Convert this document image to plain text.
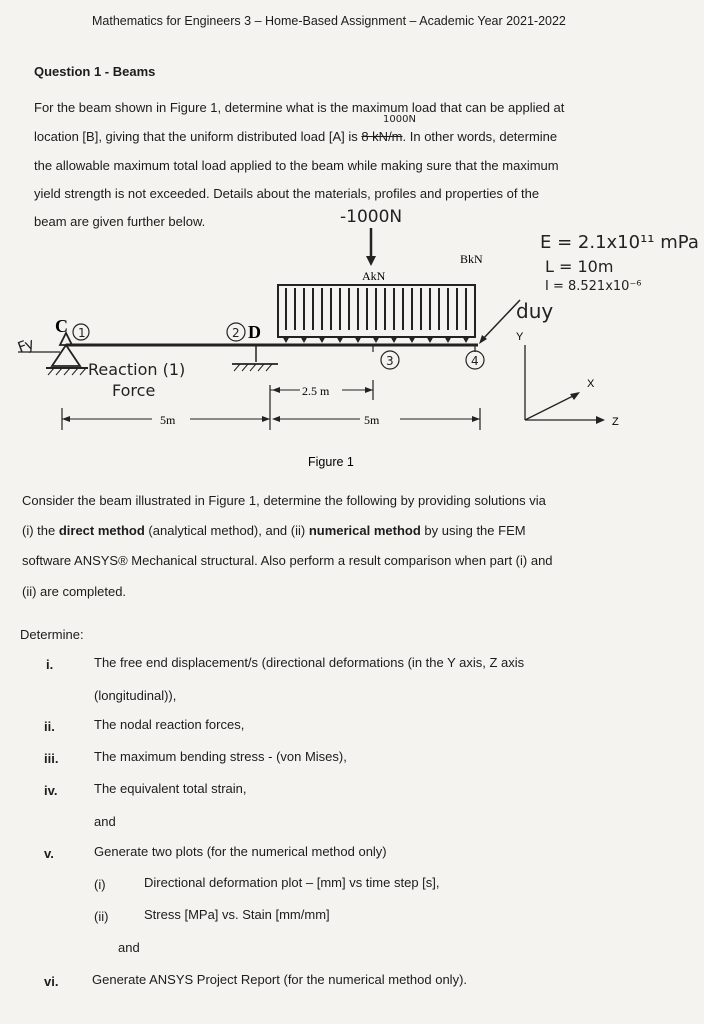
Mathematics for Engineers 3 – Home-Based Assignment – Academic Year 2021-2022
Question 1 - Beams
For the beam shown in Figure 1, determine what is the maximum load that can be applied at
1000N
location [B], giving that the uniform distributed load [A] is 8 kN/m. In other words, determine
the allowable maximum total load applied to the beam while making sure that the maximum
yield strength is not exceeded. Details about the materials, profiles and properties of the
beam are given further below.	-1000N
AkN
BkN
C 1	2 D
3	4
Fy
Reaction (1)
Force
5m
2.5 m
5m
E = 2.1x10¹¹ mPa
L = 10m
I = 8.521x10⁻⁶
duy
Y
X
Z
Figure 1
Consider the beam illustrated in Figure 1, determine the following by providing solutions via
(i) the direct method (analytical method), and (ii) numerical method by using the FEM
software ANSYS® Mechanical structural. Also perform a result comparison when part (i) and
(ii) are completed.
Determine:
i.	The free end displacement/s (directional deformations (in the Y axis, Z axis
(longitudinal)),
ii.	The nodal reaction forces,
iii.	The maximum bending stress - (von Mises),
iv.	The equivalent total strain,
and
v.	Generate two plots (for the numerical method only)
(i)	Directional deformation plot – [mm] vs time step [s],
(ii)	Stress [MPa] vs. Stain [mm/mm]
and
vi.	Generate ANSYS Project Report (for the numerical method only).
